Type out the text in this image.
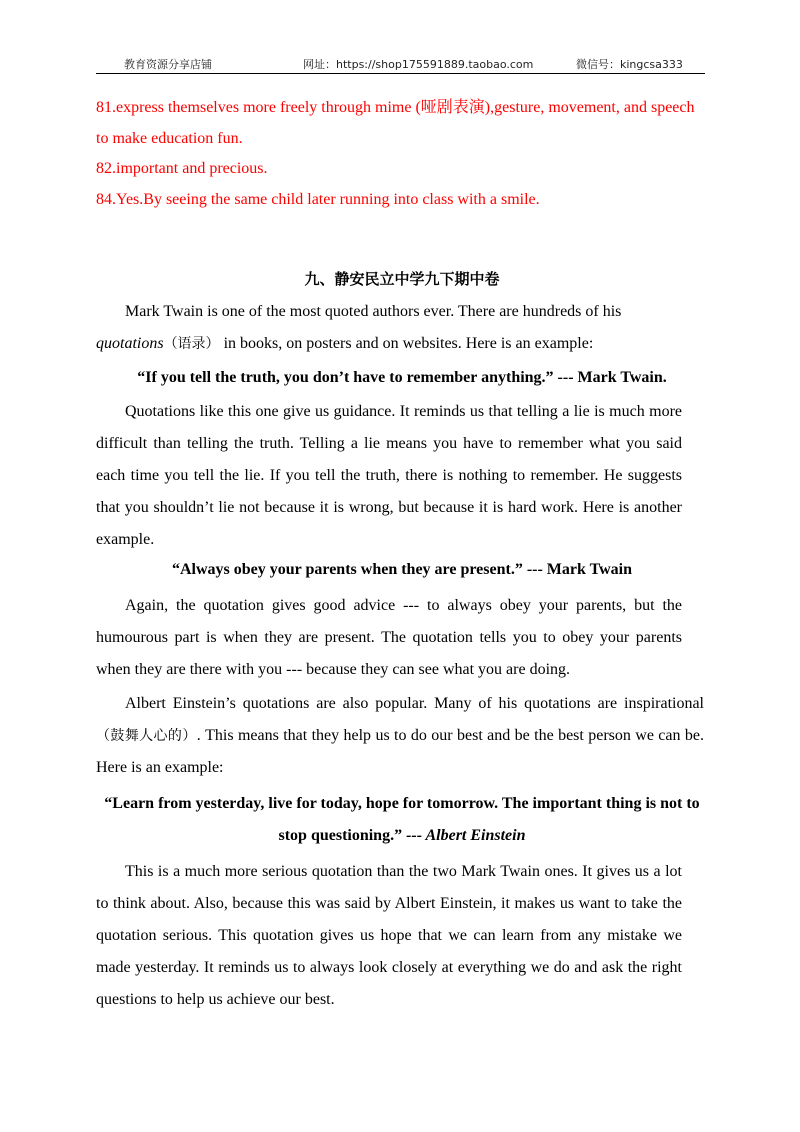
教育资源分享店铺	网址：https://shop175591889.taobao.com	微信号：kingcsa333

81.express themselves more freely through mime (哑剧表演),gesture, movement, and speech

to make education fun.

82.important and precious.

84.Yes.By seeing the same child later running into class with a smile.

九、静安民立中学九下期中卷

Mark Twain is one of the most quoted authors ever. There are hundreds of his

quotations（语录） in books, on posters and on websites. Here is an example:

“If you tell the truth, you don’t have to remember anything.” --- Mark Twain.

Quotations like this one give us guidance. It reminds us that telling a lie is much more difficult than telling the truth. Telling a lie means you have to remember what you said each time you tell the lie. If you tell the truth, there is nothing to remember. He suggests that you shouldn’t lie not because it is wrong, but because it is hard work. Here is another example.

“Always obey your parents when they are present.” --- Mark Twain

Again, the quotation gives good advice --- to always obey your parents, but the humourous part is when they are present. The quotation tells you to obey your parents when they are there with you --- because they can see what you are doing.

Albert Einstein’s quotations are also popular. Many of his quotations are inspirational （鼓舞人心的）. This means that they help us to do our best and be the best person we can be. Here is an example:

“Learn from yesterday, live for today, hope for tomorrow. The important thing is not to

stop questioning.” --- Albert Einstein

This is a much more serious quotation than the two Mark Twain ones. It gives us a lot to think about. Also, because this was said by Albert Einstein, it makes us want to take the quotation serious. This quotation gives us hope that we can learn from any mistake we made yesterday. It reminds us to always look closely at everything we do and ask the right questions to help us achieve our best.
